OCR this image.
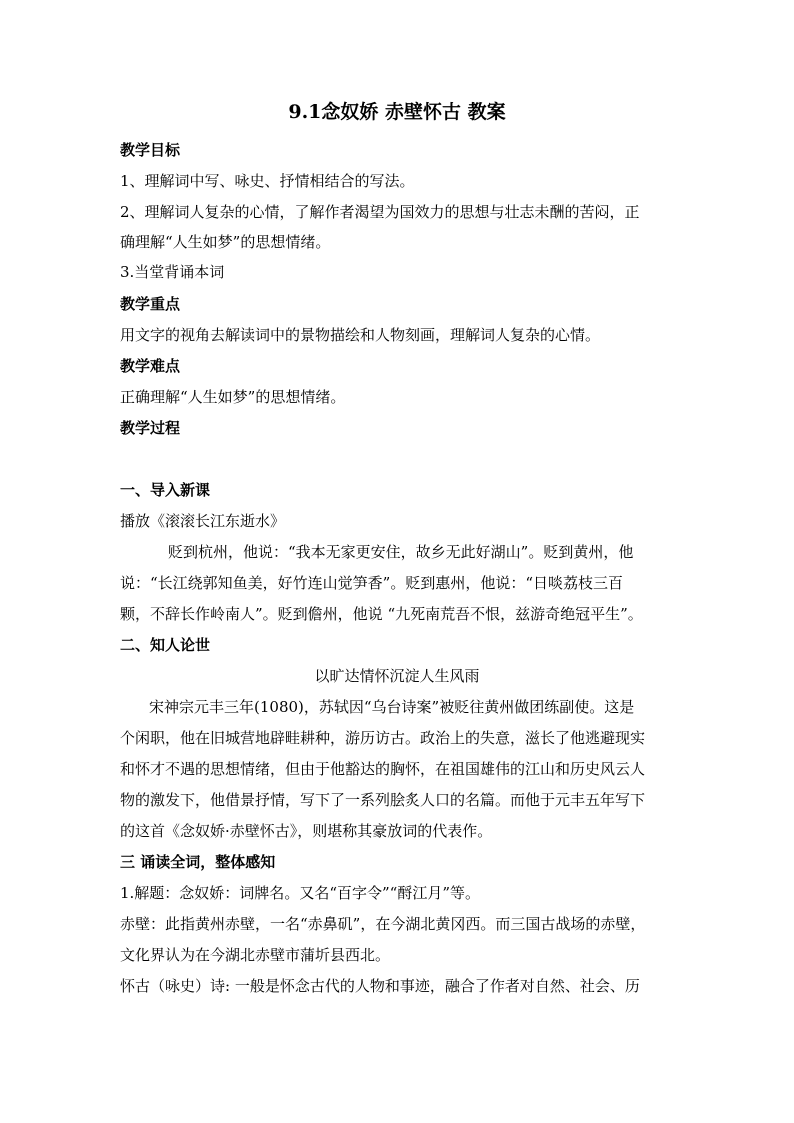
9.1念奴娇 赤壁怀古 教案
教学目标
1、理解词中写、咏史、抒情相结合的写法。
2、理解词人复杂的心情，了解作者渴望为国效力的思想与壮志未酬的苦闷，正
确理解“人生如梦”的思想情绪。
3.当堂背诵本词
教学重点
用文字的视角去解读词中的景物描绘和人物刻画，理解词人复杂的心情。
教学难点
正确理解“人生如梦”的思想情绪。
教学过程
一、导入新课
播放《滚滚长江东逝水》
贬到杭州，他说：“我本无家更安住，故乡无此好湖山”。贬到黄州，他
说：“长江绕郭知鱼美，好竹连山觉笋香”。贬到惠州，他说：“日啖荔枝三百
颗，不辞长作岭南人”。贬到儋州，他说 “九死南荒吾不恨，兹游奇绝冠平生”。
二、知人论世
以旷达情怀沉淀人生风雨
宋神宗元丰三年(1080)，苏轼因“乌台诗案”被贬往黄州做团练副使。这是
个闲职，他在旧城营地辟畦耕种，游历访古。政治上的失意，滋长了他逃避现实
和怀才不遇的思想情绪，但由于他豁达的胸怀，在祖国雄伟的江山和历史风云人
物的激发下，他借景抒情，写下了一系列脍炙人口的名篇。而他于元丰五年写下
的这首《念奴娇·赤壁怀古》，则堪称其豪放词的代表作。
三 诵读全词，整体感知
1.解题：念奴娇：词牌名。又名“百字令”“酹江月”等。
赤壁：此指黄州赤壁，一名“赤鼻矶”，在今湖北黄冈西。而三国古战场的赤壁，
文化界认为在今湖北赤壁市蒲圻县西北。
怀古（咏史）诗: 一般是怀念古代的人物和事迹，融合了作者对自然、社会、历
